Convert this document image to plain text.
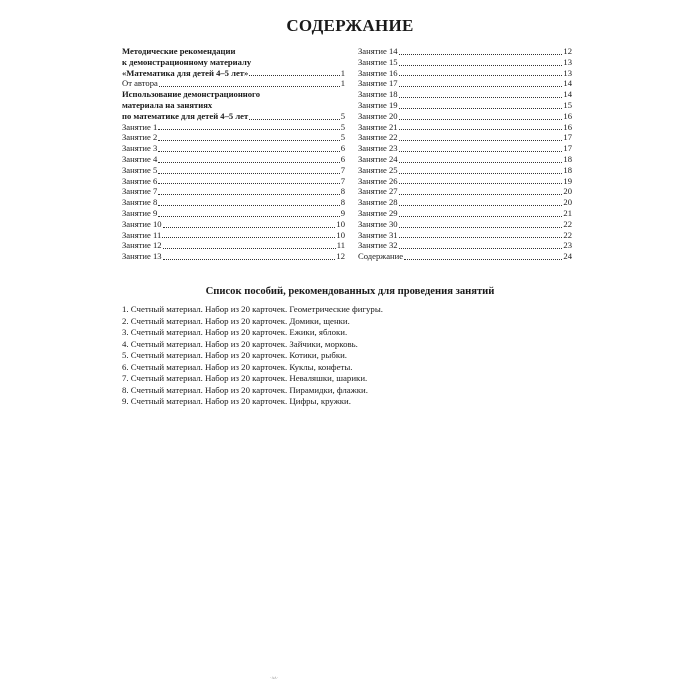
СОДЕРЖАНИЕ
Методические рекомендации
к демонстрационному материалу
«Математика для детей 4–5 лет»	1
От автора	1
Использование демонстрационного
материала на занятиях
по математике для детей 4–5 лет	5
Занятие 1	5
Занятие 2	5
Занятие 3	6
Занятие 4	6
Занятие 5	7
Занятие 6	7
Занятие 7	8
Занятие 8	8
Занятие 9	9
Занятие 10	10
Занятие 11	10
Занятие 12	11
Занятие 13	12
Занятие 14	12
Занятие 15	13
Занятие 16	13
Занятие 17	14
Занятие 18	14
Занятие 19	15
Занятие 20	16
Занятие 21	16
Занятие 22	17
Занятие 23	17
Занятие 24	18
Занятие 25	18
Занятие 26	19
Занятие 27	20
Занятие 28	20
Занятие 29	21
Занятие 30	22
Занятие 31	22
Занятие 32	23
Содержание	24
Список пособий, рекомендованных для проведения занятий
1. Счетный материал. Набор из 20 карточек. Геометрические фигуры.
2. Счетный материал. Набор из 20 карточек. Домики, щенки.
3. Счетный материал. Набор из 20 карточек. Ежики, яблоки.
4. Счетный материал. Набор из 20 карточек. Зайчики, морковь.
5. Счетный материал. Набор из 20 карточек. Котики, рыбки.
6. Счетный материал. Набор из 20 карточек. Куклы, конфеты.
7. Счетный материал. Набор из 20 карточек. Неваляшки, шарики.
8. Счетный материал. Набор из 20 карточек. Пирамидки, флажки.
9. Счетный материал. Набор из 20 карточек. Цифры, кружки.
·ʌʌ·
